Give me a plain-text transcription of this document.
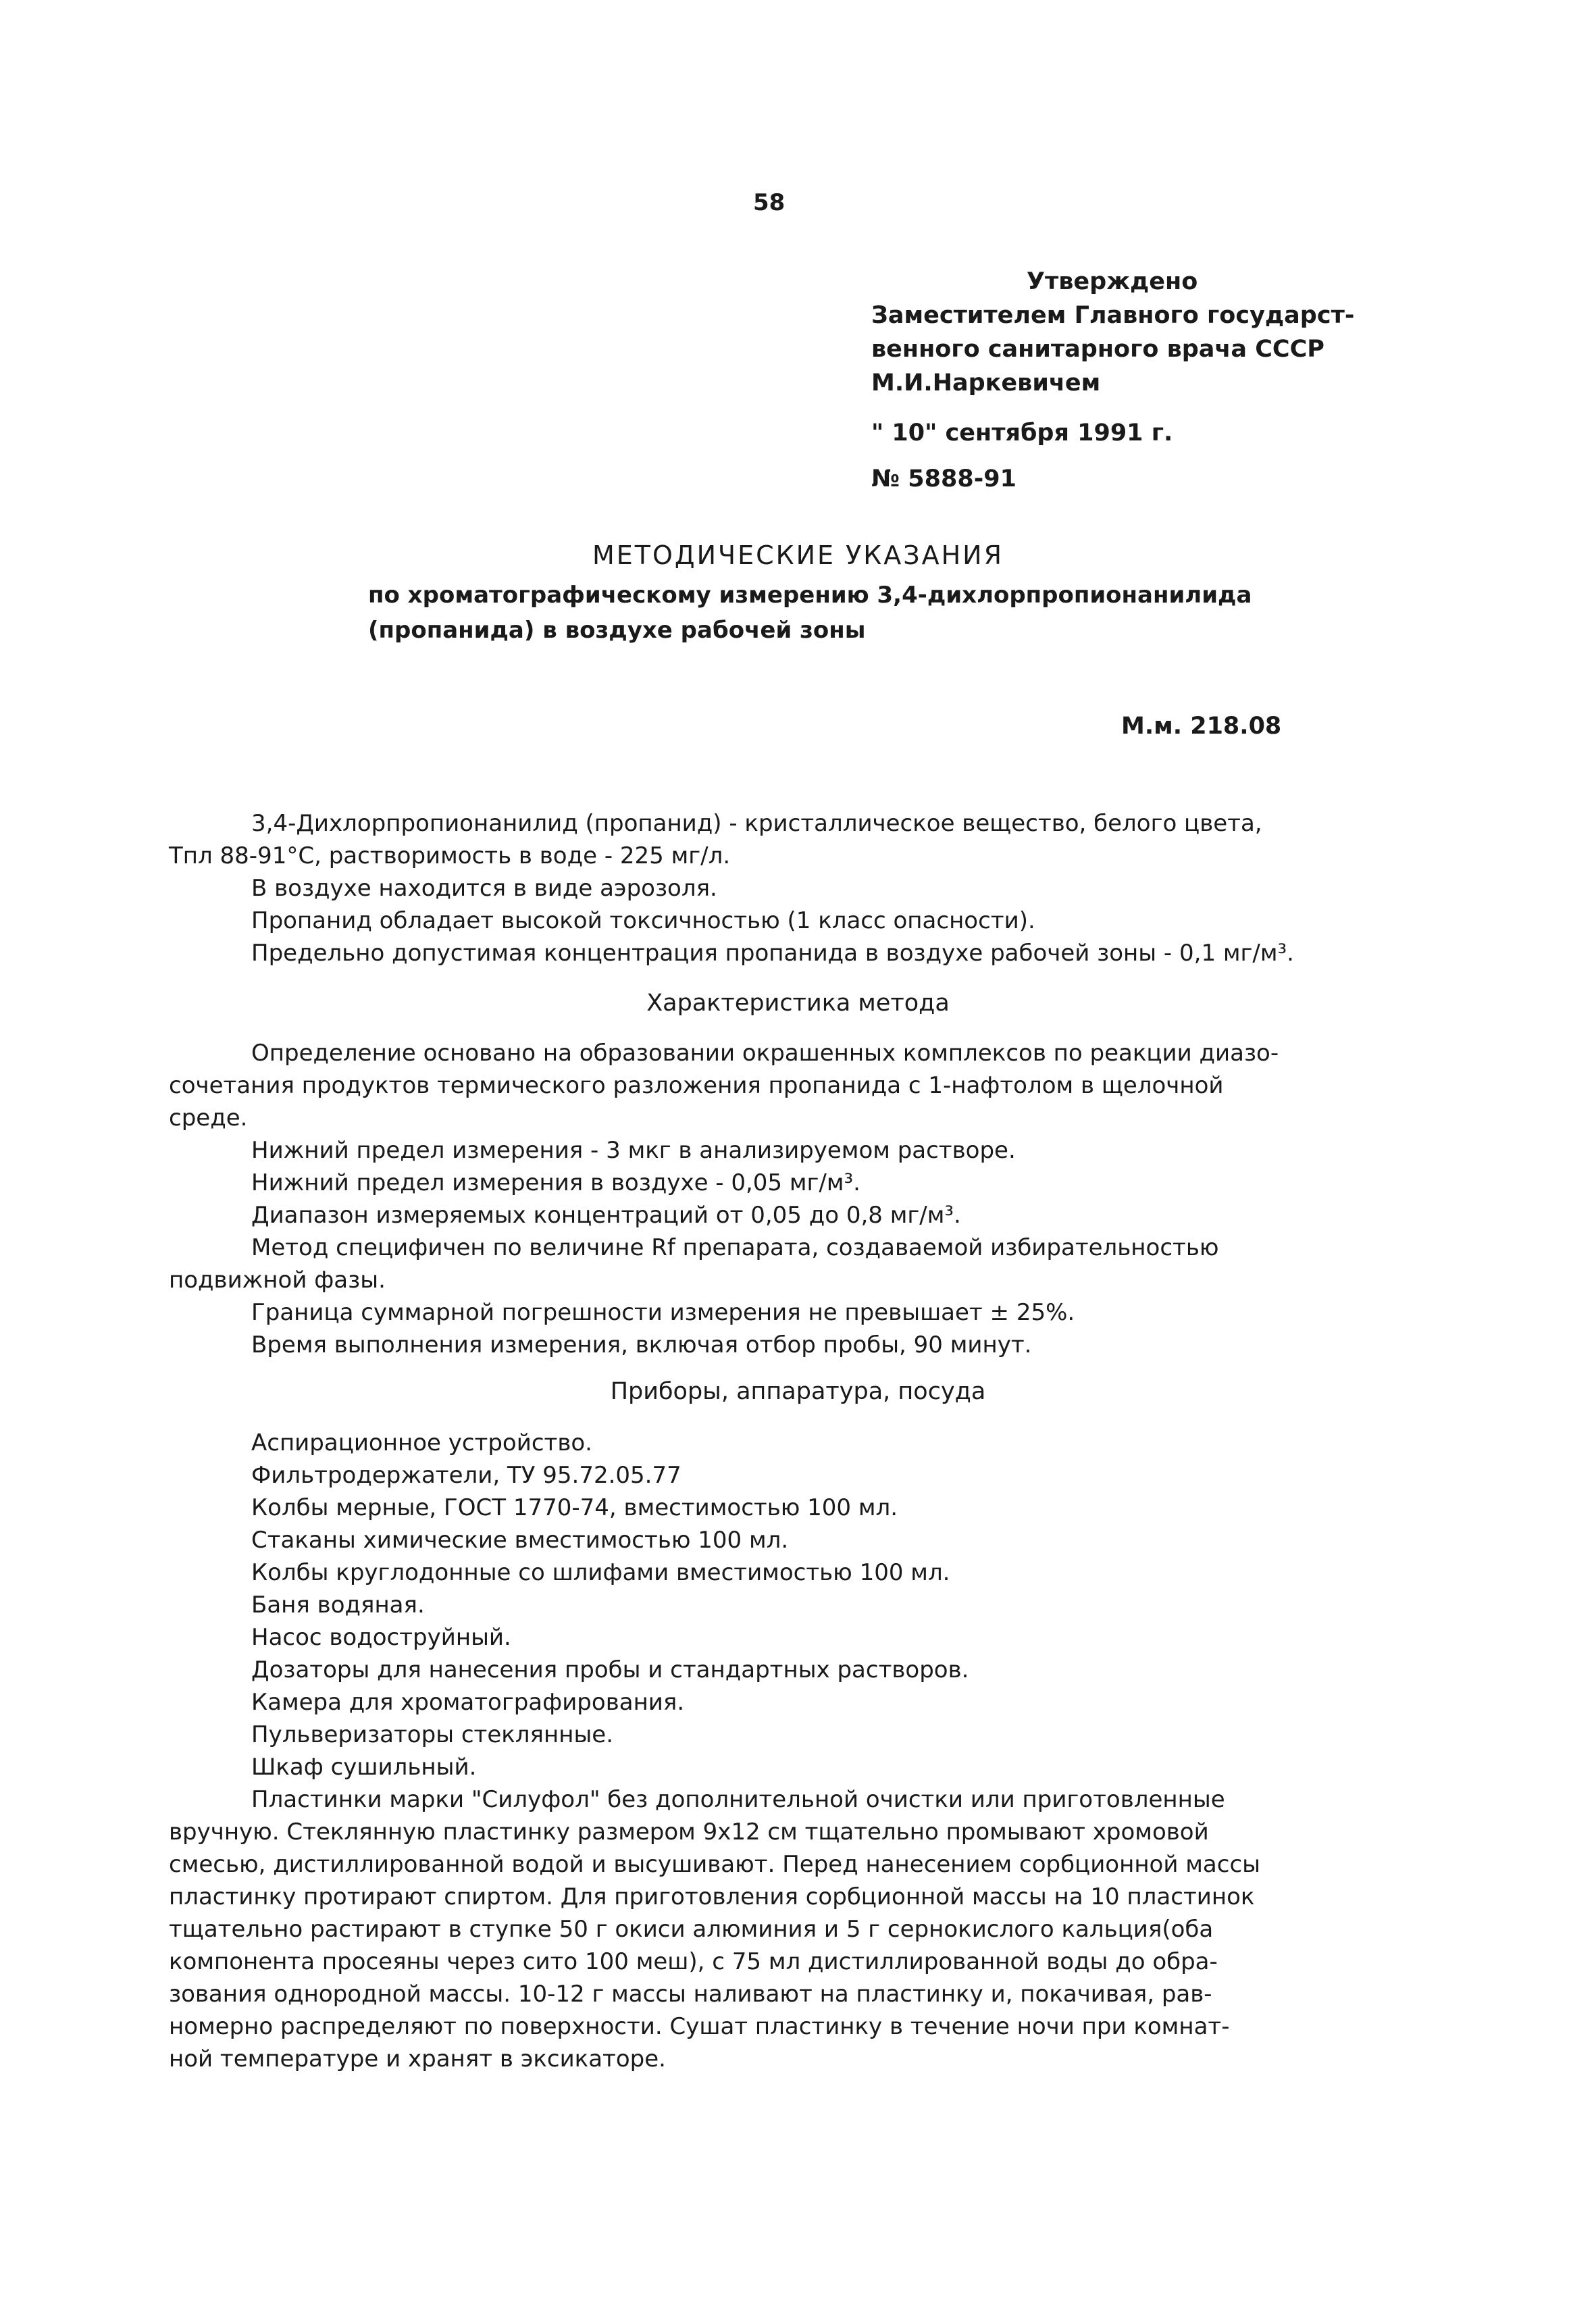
58
Утверждено
Заместителем Главного государст-
венного санитарного врача СССР
М.И.Наркевичем
" 10" сентября 1991 г.
№ 5888-91
МЕТОДИЧЕСКИЕ УКАЗАНИЯ
по хроматографическому измерению 3,4-дихлорпропионанилида
(пропанида) в воздухе рабочей зоны
М.м. 218.08
3,4-Дихлорпропионанилид (пропанид) - кристаллическое вещество, белого цвета,
Тпл 88-91°С, растворимость в воде - 225 мг/л.
В воздухе находится в виде аэрозоля.
Пропанид обладает высокой токсичностью (1 класс опасности).
Предельно допустимая концентрация пропанида в воздухе рабочей зоны - 0,1 мг/м³.
Характеристика метода
Определение основано на образовании окрашенных комплексов по реакции диазо-
сочетания продуктов термического разложения пропанида с 1-нафтолом в щелочной
среде.
Нижний предел измерения - 3 мкг в анализируемом растворе.
Нижний предел измерения в воздухе - 0,05 мг/м³.
Диапазон измеряемых концентраций от 0,05 до 0,8 мг/м³.
Метод специфичен по величине Rf препарата, создаваемой избирательностью
подвижной фазы.
Граница суммарной погрешности измерения не превышает ± 25%.
Время выполнения измерения, включая отбор пробы, 90 минут.
Приборы, аппаратура, посуда
Аспирационное устройство.
Фильтродержатели, ТУ 95.72.05.77
Колбы мерные, ГОСТ 1770-74, вместимостью 100 мл.
Стаканы химические вместимостью 100 мл.
Колбы круглодонные со шлифами вместимостью 100 мл.
Баня водяная.
Насос водоструйный.
Дозаторы для нанесения пробы и стандартных растворов.
Камера для хроматографирования.
Пульверизаторы стеклянные.
Шкаф сушильный.
Пластинки марки "Силуфол" без дополнительной очистки или приготовленные
вручную. Стеклянную пластинку размером 9х12 см тщательно промывают хромовой
смесью, дистиллированной водой и высушивают. Перед нанесением сорбционной массы
пластинку протирают спиртом. Для приготовления сорбционной массы на 10 пластинок
тщательно растирают в ступке 50 г окиси алюминия и 5 г сернокислого кальция(оба
компонента просеяны через сито 100 меш), с 75 мл дистиллированной воды до обра-
зования однородной массы. 10-12 г массы наливают на пластинку и, покачивая, рав-
номерно распределяют по поверхности. Сушат пластинку в течение ночи при комнат-
ной температуре и хранят в эксикаторе.
